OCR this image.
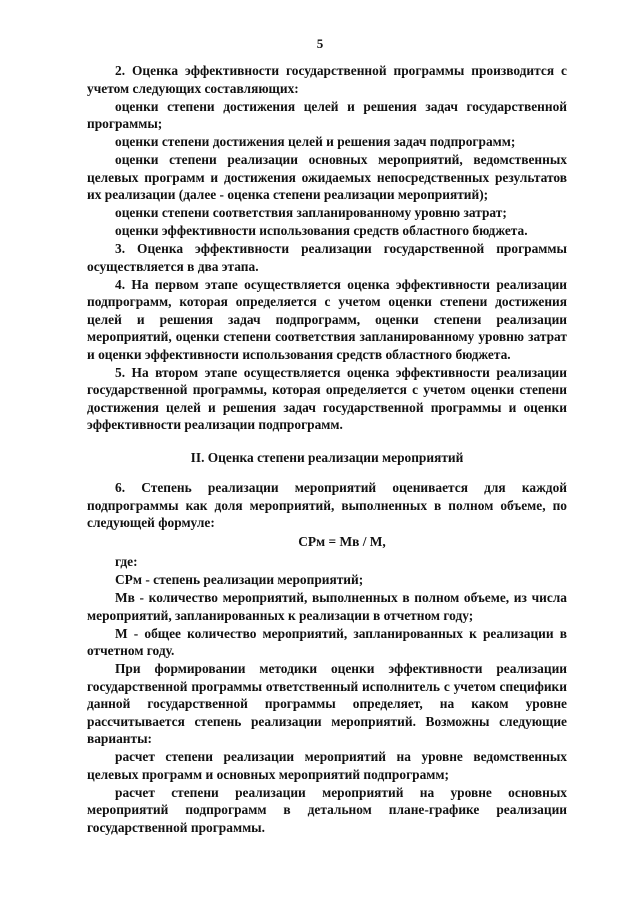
5

2. Оценка эффективности государственной программы производится с учетом следующих составляющих:

оценки степени достижения целей и решения задач государственной программы;

оценки степени достижения целей и решения задач подпрограмм;

оценки степени реализации основных мероприятий, ведомственных целевых программ и достижения ожидаемых непосредственных результатов их реализации (далее - оценка степени реализации мероприятий);

оценки степени соответствия запланированному уровню затрат;

оценки эффективности использования средств областного бюджета.

3. Оценка эффективности реализации государственной программы осуществляется в два этапа.

4. На первом этапе осуществляется оценка эффективности реализации подпрограмм, которая определяется с учетом оценки степени достижения целей и решения задач подпрограмм, оценки степени реализации мероприятий, оценки степени соответствия запланированному уровню затрат и оценки эффективности использования средств областного бюджета.

5. На втором этапе осуществляется оценка эффективности реализации государственной программы, которая определяется с учетом оценки степени достижения целей и решения задач государственной программы и оценки эффективности реализации подпрограмм.

II. Оценка степени реализации мероприятий

6. Степень реализации мероприятий оценивается для каждой подпрограммы как доля мероприятий, выполненных в полном объеме, по следующей формуле:

СРм = Мв / М,

где:

СРм - степень реализации мероприятий;

Мв - количество мероприятий, выполненных в полном объеме, из числа мероприятий, запланированных к реализации в отчетном году;

М - общее количество мероприятий, запланированных к реализации в отчетном году.

При формировании методики оценки эффективности реализации государственной программы ответственный исполнитель с учетом специфики данной государственной программы определяет, на каком уровне рассчитывается степень реализации мероприятий. Возможны следующие варианты:

расчет степени реализации мероприятий на уровне ведомственных целевых программ и основных мероприятий подпрограмм;

расчет степени реализации мероприятий на уровне основных мероприятий подпрограмм в детальном плане-графике реализации государственной программы.
